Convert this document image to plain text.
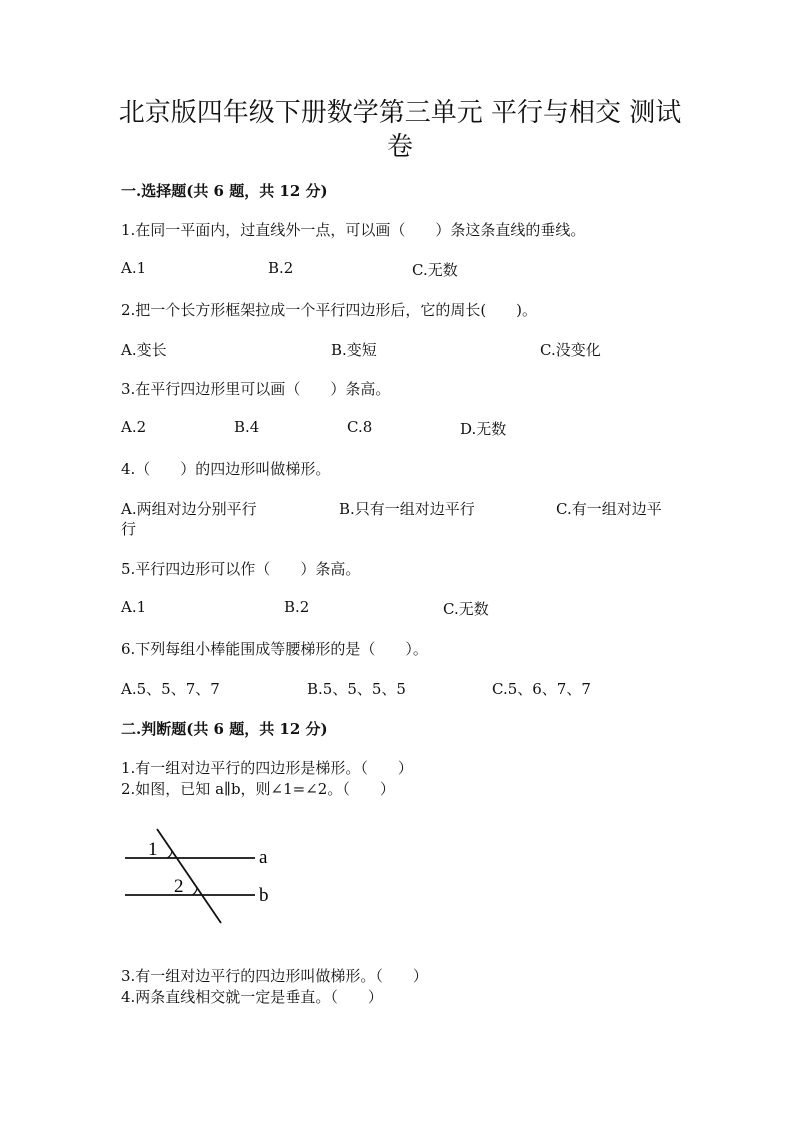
北京版四年级下册数学第三单元 平行与相交 测试
卷
一.选择题(共 6 题，共 12 分)
1.在同一平面内，过直线外一点，可以画（　　）条这条直线的垂线。
A.1	B.2	C.无数
2.把一个长方形框架拉成一个平行四边形后，它的周长(　　)。
A.变长	B.变短	C.没变化
3.在平行四边形里可以画（　　）条高。
A.2	B.4	C.8	D.无数
4.（　　）的四边形叫做梯形。
A.两组对边分别平行	B.只有一组对边平行	C.有一组对边平
行
5.平行四边形可以作（　　）条高。
A.1	B.2	C.无数
6.下列每组小棒能围成等腰梯形的是（　　）。
A.5、5、7、7	B.5、5、5、5	C.5、6、7、7
二.判断题(共 6 题，共 12 分)
1.有一组对边平行的四边形是梯形。（　　）
2.如图，已知 a∥b，则∠1=∠2。（　　）
1
2
a
b
3.有一组对边平行的四边形叫做梯形。（　　）
4.两条直线相交就一定是垂直。（　　）
